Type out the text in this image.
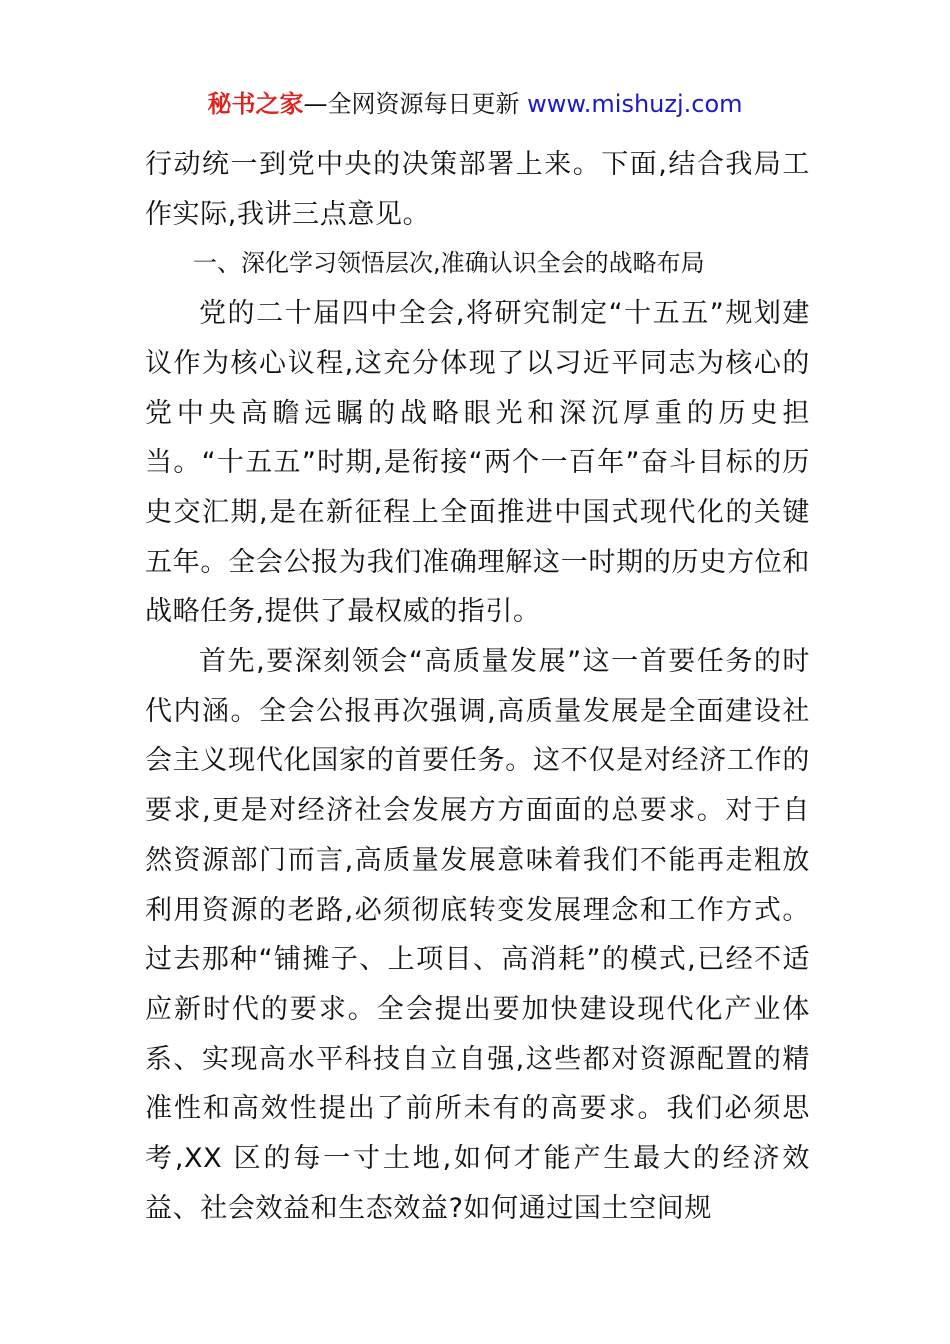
秘书之家—全网资源每日更新 www.mishuzj.com

行动统一到党中央的决策部署上来。下面,结合我局工作实际,我讲三点意见。

一、深化学习领悟层次,准确认识全会的战略布局

党的二十届四中全会,将研究制定“十五五”规划建议作为核心议程,这充分体现了以习近平同志为核心的党中央高瞻远瞩的战略眼光和深沉厚重的历史担当。“十五五”时期,是衔接“两个一百年”奋斗目标的历史交汇期,是在新征程上全面推进中国式现代化的关键五年。全会公报为我们准确理解这一时期的历史方位和战略任务,提供了最权威的指引。

首先,要深刻领会“高质量发展”这一首要任务的时代内涵。全会公报再次强调,高质量发展是全面建设社会主义现代化国家的首要任务。这不仅是对经济工作的要求,更是对经济社会发展方方面面的总要求。对于自然资源部门而言,高质量发展意味着我们不能再走粗放利用资源的老路,必须彻底转变发展理念和工作方式。过去那种“铺摊子、上项目、高消耗”的模式,已经不适应新时代的要求。全会提出要加快建设现代化产业体系、实现高水平科技自立自强,这些都对资源配置的精准性和高效性提出了前所未有的高要求。我们必须思考,XX 区的每一寸土地,如何才能产生最大的经济效益、社会效益和生态效益?如何通过国土空间规
